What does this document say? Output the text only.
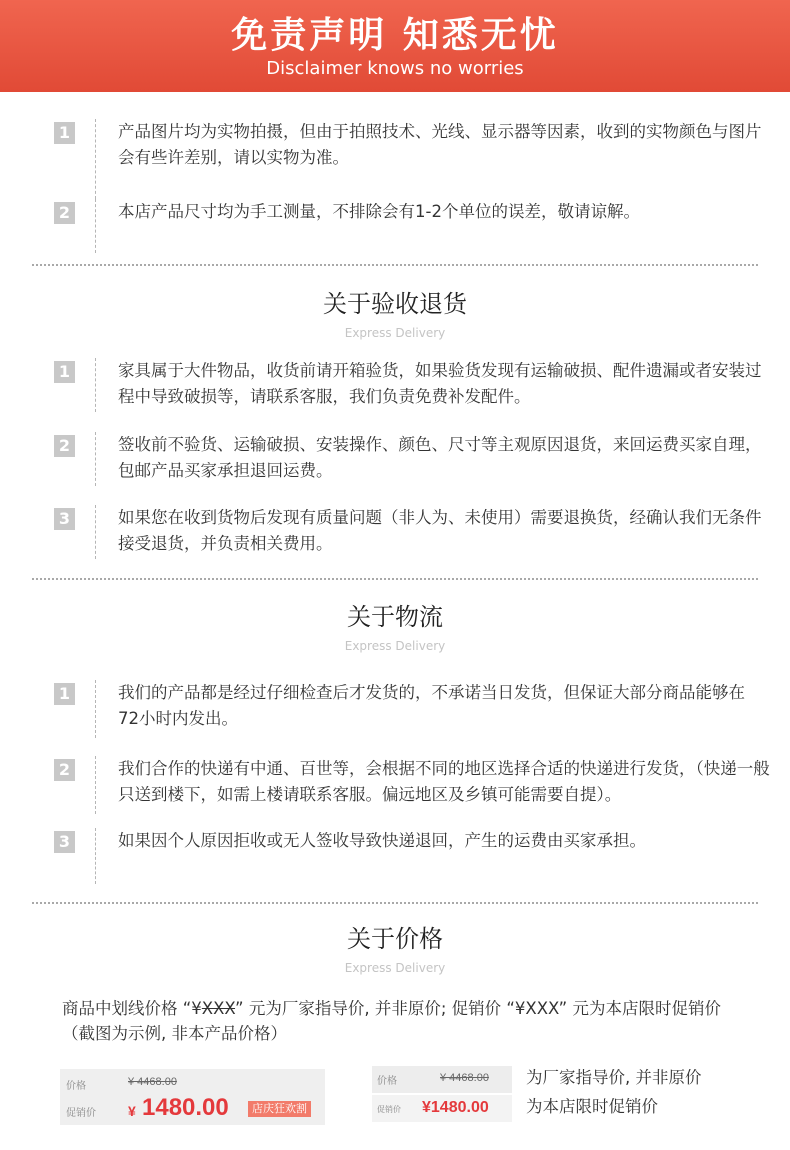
免责声明 知悉无忧
Disclaimer knows no worries
1	产品图片均为实物拍摄，但由于拍照技术、光线、显示器等因素，收到的实物颜色与图片会有些许差别，请以实物为准。
2	本店产品尺寸均为手工测量，不排除会有1-2个单位的误差，敬请谅解。
关于验收退货
Express Delivery
1	家具属于大件物品，收货前请开箱验货，如果验货发现有运输破损、配件遗漏或者安装过程中导致破损等，请联系客服，我们负责免费补发配件。
2	签收前不验货、运输破损、安装操作、颜色、尺寸等主观原因退货，来回运费买家自理，包邮产品买家承担退回运费。
3	如果您在收到货物后发现有质量问题（非人为、未使用）需要退换货，经确认我们无条件接受退货，并负责相关费用。
关于物流
Express Delivery
1	我们的产品都是经过仔细检查后才发货的，不承诺当日发货，但保证大部分商品能够在72小时内发出。
2	我们合作的快递有中通、百世等，会根据不同的地区选择合适的快递进行发货，（快递一般只送到楼下，如需上楼请联系客服。偏远地区及乡镇可能需要自提）。
3	如果因个人原因拒收或无人签收导致快递退回，产生的运费由买家承担。
关于价格
Express Delivery
商品中划线价格 “¥XXX” 元为厂家指导价, 并非原价; 促销价 “¥XXX” 元为本店限时促销价
（截图为示例, 非本产品价格）
价格	¥ 4468.00
促销价 ¥ 1480.00	店庆狂欢割
价格	¥ 4468.00
促销价 ¥1480.00
为厂家指导价, 并非原价
为本店限时促销价
